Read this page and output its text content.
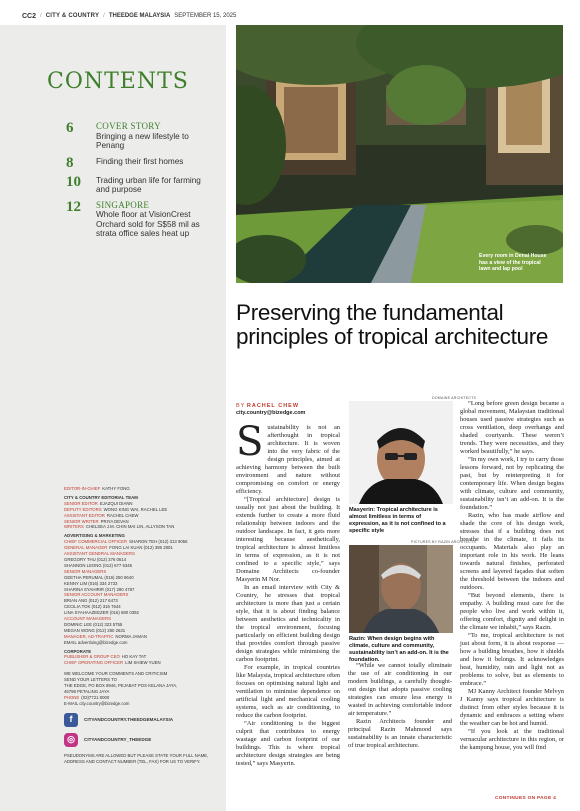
CC2 / CITY & COUNTRY / THEEDGE MALAYSIA SEPTEMBER 15, 2025
CONTENTS
6	COVER STORY
Bringing a new lifestyle to Penang
8	Finding their first homes
10	Trading urban life for farming and purpose
12	SINGAPORE
Whole floor at VisionCrest Orchard sold for S$58 mil as strata office sales heat up
EDITOR-IN-CHIEF KATHY FONG
CITY & COUNTRY EDITORIAL TEAM
SENIOR EDITOR EJAZQUI DIANN
DEPUTY EDITORS WONG KING WAI, RACHEL LEE
ASSISTANT EDITOR RACHEL CHEW
SENIOR WRITER PRIYA DEVAN
WRITERS CHELSEA J.M. CHIN MAI LIN, ALLYSON TAN
ADVERTISING & MARKETING
CHIEF COMMERCIAL OFFICER SHARON TEH (012) 313 9056
GENERAL MANAGER FONG LAI KUAN (012) 386 2801
ASSISTANT GENERAL MANAGERS
GREGORY THU (012) 376 0614
SHANNON LEONG (012) 677 5345
SENIOR MANAGERS
GEETHA PERUMAL (016) 250 8640
KENNY LIM (016) 334 2733
SHARINA SYAHIRIR (017) 290 4787
SENIOR ACCOUNT MANAGERS
BRIAN ANG (012) 217 6473
CECILIA TOK (012) 316 7644
LINA SYAHAAZEEZER (016) 680 0392
ACCOUNT MANAGERS
DOMINIC LEE (012) 323 5755
MEGAN WONG (012) 280 2631
MANAGER, AD-TRAFFIC NORMA JAMAN
EMAIL advertising@bizedge.com
CORPORATE
PUBLISHER & GROUP CEO HO KAY TAT
CHIEF OPERATING OFFICER LIM SHIEW YUEN
WE WELCOME YOUR COMMENTS AND CRITICISM
SEND YOUR LETTERS TO
THE EDGE, PO BOX 8946, PEJABAT POS KELANA JAYA,
46798 PETALING JAYA
PHONE (03)7721 8000
E-MAIL city.country@bizedge.com
f	CITYANDCOUNTRY.THEEDGEMALAYSIA
◎	CITYANDCOUNTRY_THEEDGE
PSEUDONYMS ARE ALLOWED BUT PLEASE STATE YOUR FULL NAME, ADDRESS AND CONTACT NUMBER (TEL, FAX) FOR US TO VERIFY.
Every room in Denai House has a view of the tropical lawn and lap pool
Preserving the fundamental principles of tropical architecture
BY RACHEL CHEW
city.country@bizedge.com

Sustainability is not an afterthought in tropical architecture. It is woven into the very fabric of the design principles, aimed at achieving harmony between the built environment and nature without compromising on comfort or energy efficiency.

“[Tropical architecture] design is usually not just about the building. It extends further to create a more fluid relationship between indoors and the outdoor landscape. In fact, it gets more interesting because aesthetically, tropical architecture is almost limitless in terms of expression, as it is not confined to a specific style,” says Domaine Architects co-founder Masyerin M Nor.

In an email interview with City & Country, he stresses that tropical architecture is more than just a certain style, that it is about finding balance between aesthetics and technicality in the tropical environment, focusing particularly on efficient building design that provides comfort through passive design strategies while minimising the carbon footprint.

For example, in tropical countries like Malaysia, tropical architecture often focuses on optimising natural light and ventilation to minimise dependence on artificial light and mechanical cooling systems, such as air conditioning, to reduce the carbon footprint.

“Air conditioning is the biggest culprit that contributes to energy wastage and carbon footprint of our buildings. This is where tropical architecture design strategies are being tested,” says Masyerin.

DOMAINE ARCHITECTS
Masyerin: Tropical architecture is almost limitless in terms of expression, as it is not confined to a specific style
PICTURES BY RAZIN ARCHITECTS
Razin: When design begins with climate, culture and community, sustainability isn’t an add-on. It is the foundation.

“While we cannot totally eliminate the use of air conditioning in our modern buildings, a carefully thought-out design that adopts passive cooling strategies can ensure less energy is wasted in achieving comfortable indoor air temperature.”

Razin Architects founder and principal Razin Mahmood says sustainability is an innate characteristic of true tropical architecture.

“Long before green design became a global movement, Malaysian traditional houses used passive strategies such as cross ventilation, deep overhangs and shaded courtyards. These weren’t trends. They were necessities, and they worked beautifully,” he says.

“In my own work, I try to carry those lessons forward, not by replicating the past, but by reinterpreting it for contemporary life. When design begins with climate, culture and community, sustainability isn’t an add-on. It is the foundation.”

Razin, who has made airflow and shade the core of his design work, stresses that if a building does not breathe in the climate, it fails its occupants. Materials also play an important role in his work. He leans towards natural finishes, perforated screens and layered façades that soften the threshold between the indoors and outdoors.

“But beyond elements, there is empathy. A building must care for the people who live and work within it, offering comfort, dignity and delight in the climate we inhabit,” says Razin.

“To me, tropical architecture is not just about form, it is about response — how a building breathes, how it shields and how it belongs. It acknowledges heat, humidity, rain and light not as problems to solve, but as elements to embrace.”

MJ Kanny Architect founder Melvyn J Kanny says tropical architecture is distinct from other styles because it is dynamic and embraces a setting where the weather can be hot and humid.

“If you look at the traditional vernacular architecture in this region, or the kampung house, you will find

CONTINUES ON PAGE 4
